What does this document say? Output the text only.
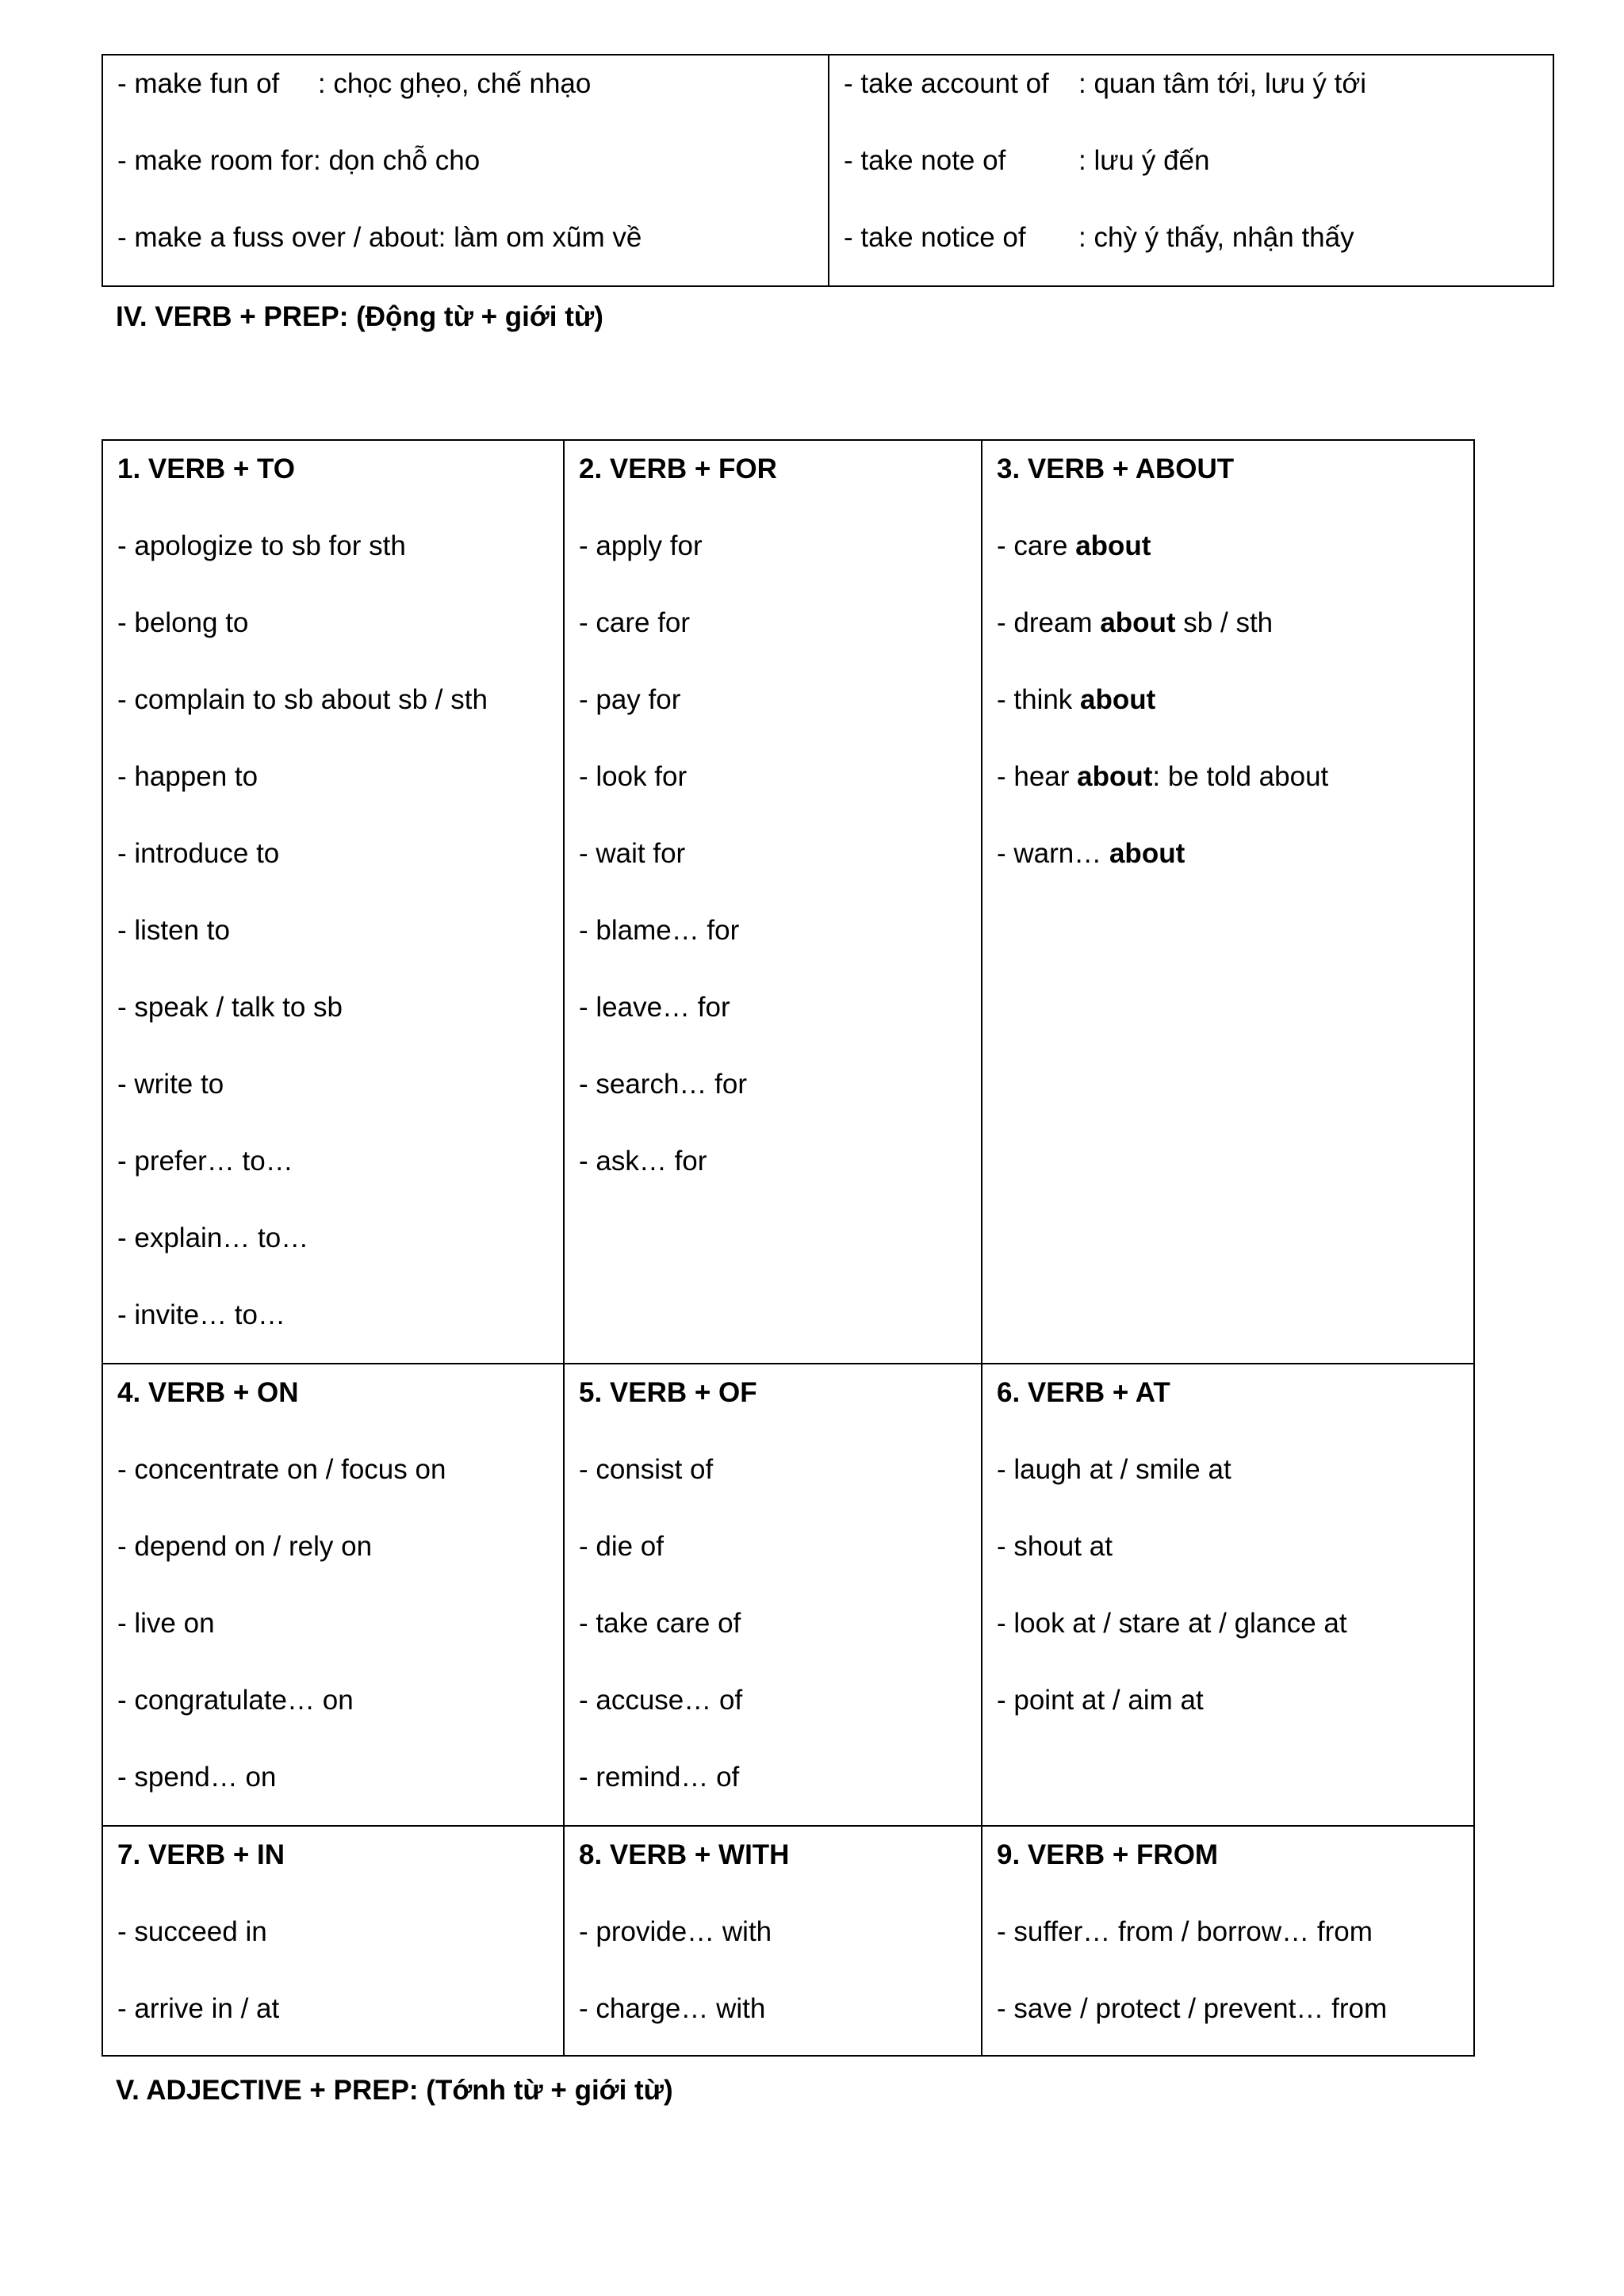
- make fun of : chọc ghẹo, chế nhạo
- make room for: dọn chỗ cho
- make a fuss over / about: làm om xũm về
- take account of : quan tâm tới, lưu ý tới
- take note of	: lưu ý đến
- take notice of : chỳ ý thấy, nhận thấy
IV. VERB + PREP: (Động từ + giới từ)
1. VERB + TO
- apologize to sb for sth
- belong to
- complain to sb about sb / sth
- happen to
- introduce to
- listen to
- speak / talk to sb
- write to
- prefer… to…
- explain… to…
- invite… to…
2. VERB + FOR
- apply for
- care for
- pay for
- look for
- wait for
- blame… for
- leave… for
- search… for
- ask… for
3. VERB + ABOUT
- care about
- dream about sb / sth
- think about
- hear about: be told about
- warn… about
4. VERB + ON
- concentrate on / focus on
- depend on / rely on
- live on
- congratulate… on
- spend… on
5. VERB + OF
- consist of
- die of
- take care of
- accuse… of
- remind… of
6. VERB + AT
- laugh at / smile at
- shout at
- look at / stare at / glance at
- point at / aim at
7. VERB + IN
- succeed in
- arrive in / at
8. VERB + WITH
- provide… with
- charge… with
9. VERB + FROM
- suffer… from / borrow… from
- save / protect / prevent… from
V. ADJECTIVE + PREP: (Tớnh từ + giới từ)
